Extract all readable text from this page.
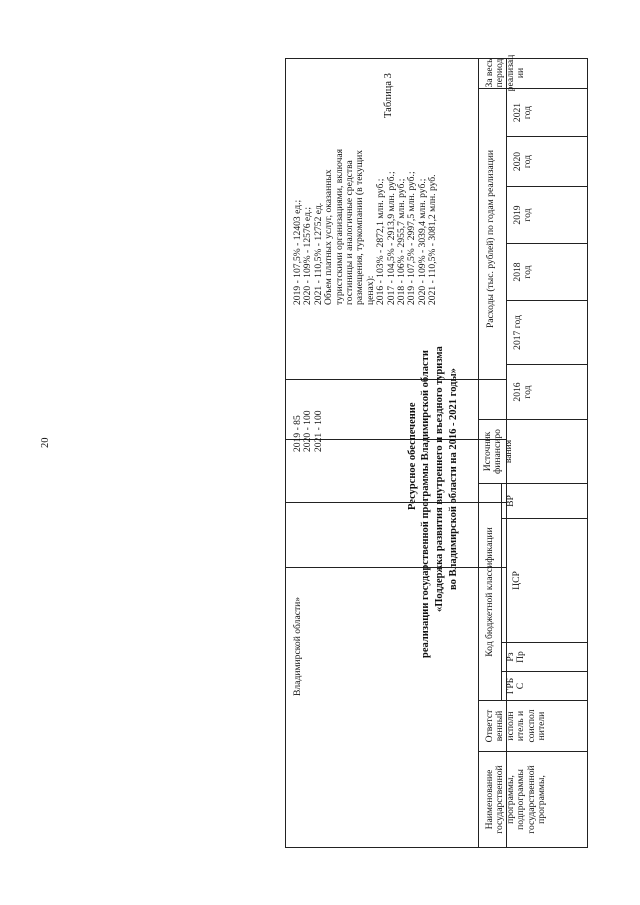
20
Владимирской области»
2019 - 85 2020 - 100 2021 - 100
2019 - 107,5% - 12403 ед.; 2020 - 109% - 12576 ед.; 2021 - 110,5% - 12752 ед. Объем платных услуг, оказанных туристскими организациями, включая гостиницы и аналогичные средства размещения, туркомпании (в текущих ценах): 2016 - 103% - 2872,1 млн. руб.; 2017 - 104,5% - 2913,9 млн. руб.; 2018 - 106% - 2955,7 млн. руб.; 2019 - 107,5% - 2997,5 млн. руб.; 2020 - 109% - 3039,4 млн. руб.; 2021 - 110,5% - 3081,2 млн. руб.
Таблица 3
Ресурсное обеспечение реализации государственной программы Владимирской области «Поддержка развития внутреннего и въездного туризма во Владимирской области на 2016 - 2021 годы»
Наименование государственной программы, подпрограммы государственной программы,
Ответст венный исполн итель и соиспол нители
Код бюджетной классификации
ГРБ С
Рз Пр
ЦСР
ВР
Источник финансиро вания
Расходы (тыс. рублей) по годам реализации
2016 год
2017 год
2018 год
2019 год
2020 год
2021 год
За весь период реализац ии
